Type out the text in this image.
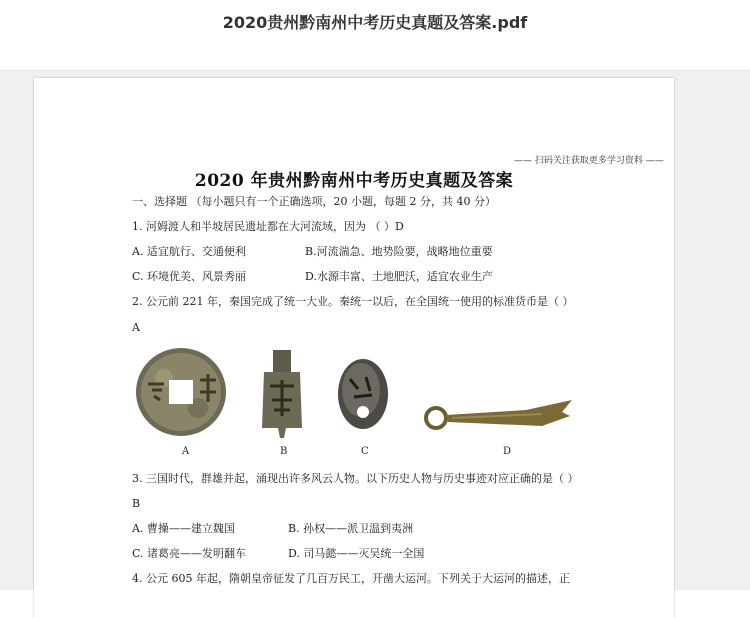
2020贵州黔南州中考历史真题及答案.pdf
—— 扫码关注获取更多学习资料 ——
2020 年贵州黔南州中考历史真题及答案
一、选择题 （每小题只有一个正确选项，20 小题，每题 2 分，共 40 分）
1. 河姆渡人和半坡居民遗址都在大河流域，因为 （ ）D
A. 适宜航行、交通便利	B.河流湍急、地势险要，战略地位重要
C. 环境优美、风景秀丽	D.水源丰富、土地肥沃，适宜农业生产
2. 公元前 221 年，秦国完成了统一大业。秦统一以后，在全国统一使用的标准货币是（ ）
A
A	B	C	D
3. 三国时代，群雄并起，涌现出许多风云人物。以下历史人物与历史事迹对应正确的是（ ）
B
A. 曹操——建立魏国	B. 孙权——派卫温到夷洲
C. 诸葛亮——发明翻车	D. 司马懿——灭吴统一全国
4. 公元 605 年起，隋朝皇帝征发了几百万民工，开凿大运河。下列关于大运河的描述，正
